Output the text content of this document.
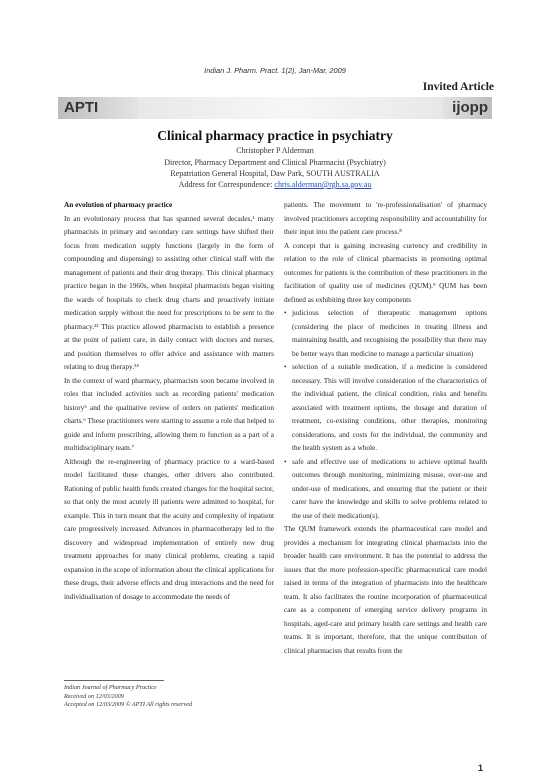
Indian J. Pharm. Pract. 1(2), Jan-Mar, 2009
Invited Article
APTI	ijopp
Clinical pharmacy practice in psychiatry
Christopher P Alderman
Director, Pharmacy Department and Clinical Pharmacist (Psychiatry)
Repatriation General Hospital, Daw Park, SOUTH AUSTRALIA
Address for Correspondence: chris.alderman@rgh.sa.gov.au

An evolution of pharmacy practice

In an evolutionary process that has spanned several decades,¹ many pharmacists in primary and secondary care settings have shifted their focus from medication supply functions (largely in the form of compounding and dispensing) to assisting other clinical staff with the management of patients and their drug therapy. This clinical pharmacy practice began in the 1960s, when hospital pharmacists began visiting the wards of hospitals to check drug charts and proactively initiate medication supply without the need for prescriptions to be sent to the pharmacy.²³ This practice allowed pharmacists to establish a presence at the point of patient care, in daily contact with doctors and nurses, and position themselves to offer advice and assistance with matters relating to drug therapy.³⁴

In the context of ward pharmacy, pharmacists soon became involved in roles that included activities such as recording patients' medication history⁵ and the qualitative review of orders on patients' medication charts.⁶ These practitioners were starting to assume a role that helped to guide and inform prescribing, allowing them to function as a part of a multidisciplinary team.⁷

Although the re-engineering of pharmacy practice to a ward-based model facilitated these changes, other drivers also contributed. Rationing of public health funds created changes for the hospital sector, so that only the most acutely ill patients were admitted to hospital, for example. This in turn meant that the acuity and complexity of inpatient care progressively increased. Advances in pharmacotherapy led to the discovery and widespread implementation of entirely new drug treatment approaches for many clinical problems, creating a rapid expansion in the scope of information about the clinical applications for these drugs, their adverse effects and drug interactions and the need for individualisation of dosage to accommodate the needs of

patients. The movement to 're-professionalisation' of pharmacy involved practitioners accepting responsibility and accountability for their input into the patient care process.⁸

A concept that is gaining increasing currency and credibility in relation to the role of clinical pharmacists in promoting optimal outcomes for patients is the contribution of these practitioners in the facilitation of quality use of medicines (QUM).⁹ QUM has been defined as exhibiting three key components

• judicious selection of therapeutic management options (considering the place of medicines in treating illness and maintaining health, and recognising the possibility that there may be better ways than medicine to manage a particular situation)
• selection of a suitable medication, if a medicine is considered necessary. This will involve consideration of the characteristics of the individual patient, the clinical condition, risks and benefits associated with treatment options, the dosage and duration of treatment, co-existing conditions, other therapies, monitoring considerations, and costs for the individual, the community and the health system as a whole.
• safe and effective use of medications to achieve optimal health outcomes through monitoring, minimizing misuse, over-use and under-use of medications, and ensuring that the patient or their carer have the knowledge and skills to solve problems related to the use of their medication(s).

The QUM framework extends the pharmaceutical care model and provides a mechanism for integrating clinical pharmacists into the broader health care environment. It has the potential to address the issues that the more profession-specific pharmaceutical care model raised in terms of the integration of pharmacists into the healthcare team. It also facilitates the routine incorporation of pharmaceutical care as a component of emerging service delivery programs in hospitals, aged-care and primary health care settings and health care teams. It is important, therefore, that the unique contribution of clinical pharmacists that results from the

Indian Journal of Pharmacy Practice
Received on 12/03/2009
Accepted on 12/03/2009 © APTI All rights reserved
1
